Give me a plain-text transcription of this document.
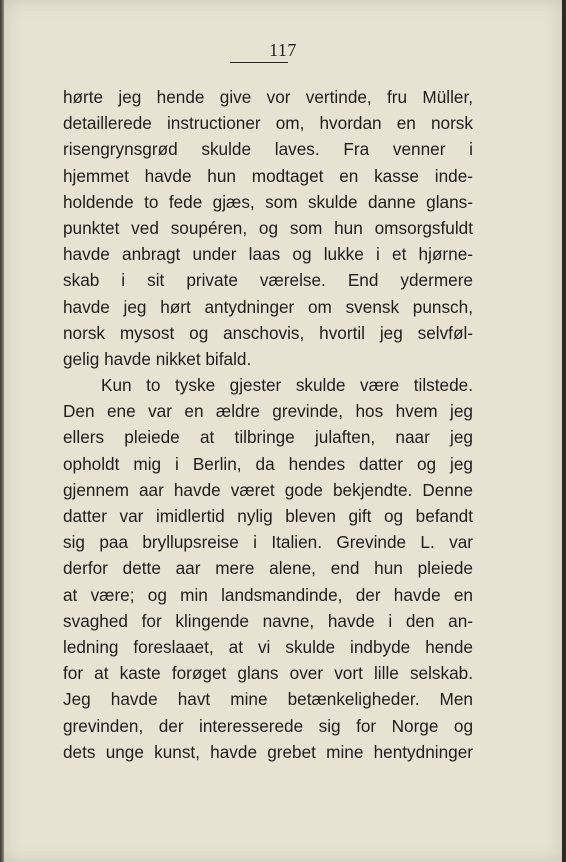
117
hørte jeg hende give vor vertinde, fru Müller,
detaillerede instructioner om, hvordan en norsk
risengrynsgrød skulde laves. Fra venner i
hjemmet havde hun modtaget en kasse inde-
holdende to fede gjæs, som skulde danne glans-
punktet ved soupéren, og som hun omsorgsfuldt
havde anbragt under laas og lukke i et hjørne-
skab i sit private værelse. End ydermere
havde jeg hørt antydninger om svensk punsch,
norsk mysost og anschovis, hvortil jeg selvføl-
gelig havde nikket bifald.
Kun to tyske gjester skulde være tilstede.
Den ene var en ældre grevinde, hos hvem jeg
ellers pleiede at tilbringe julaften, naar jeg
opholdt mig i Berlin, da hendes datter og jeg
gjennem aar havde været gode bekjendte. Denne
datter var imidlertid nylig bleven gift og befandt
sig paa bryllupsreise i Italien. Grevinde L. var
derfor dette aar mere alene, end hun pleiede
at være; og min landsmandinde, der havde en
svaghed for klingende navne, havde i den an-
ledning foreslaaet, at vi skulde indbyde hende
for at kaste forøget glans over vort lille selskab.
Jeg havde havt mine betænkeligheder. Men
grevinden, der interesserede sig for Norge og
dets unge kunst, havde grebet mine hentydninger
